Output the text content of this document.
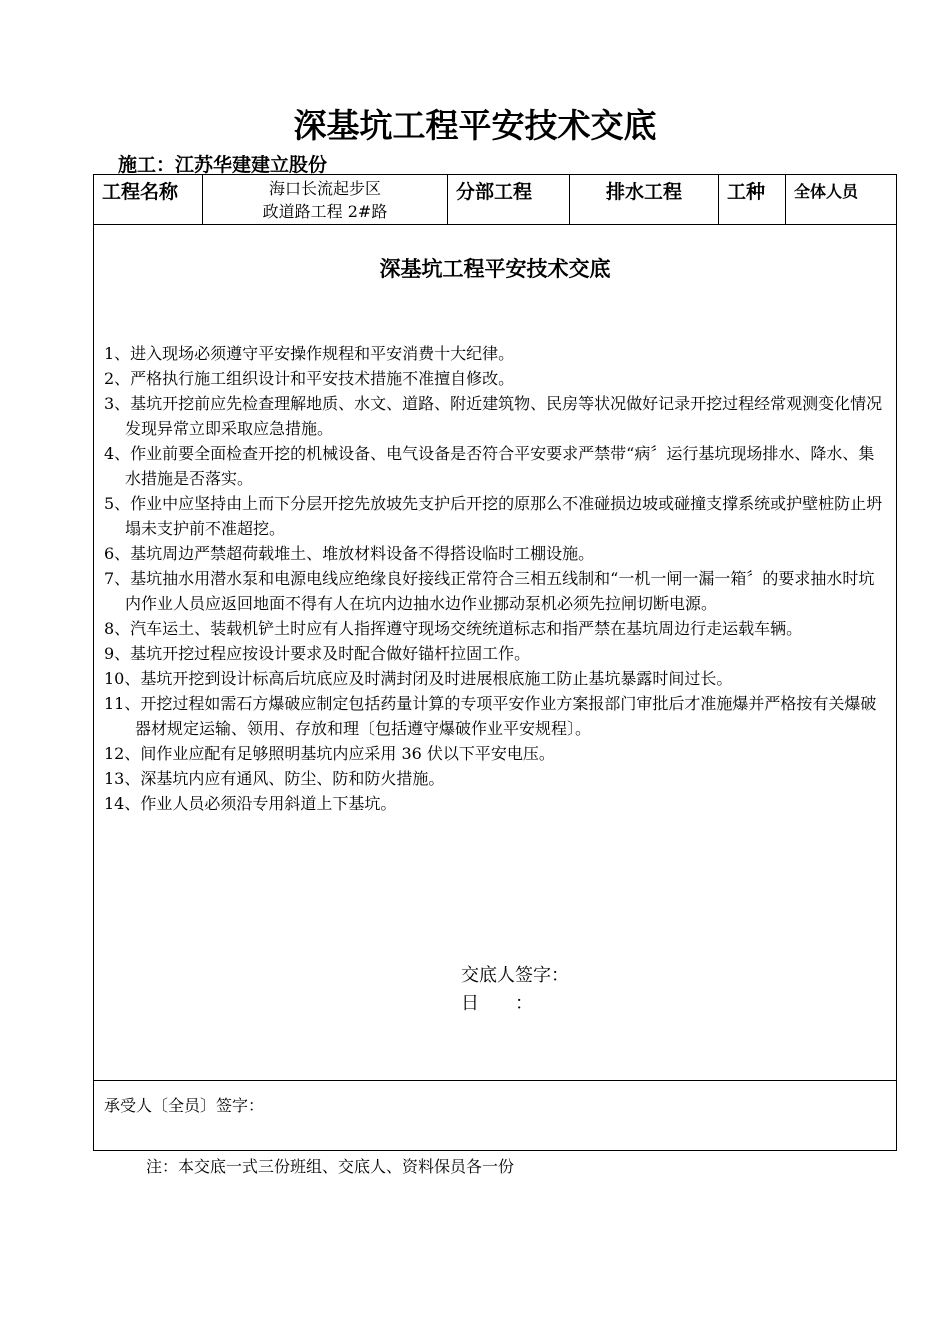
深基坑工程平安技术交底
施工：江苏华建建立股份
工程名称	海口长流起步区
政道路工程 2#路
	分部工程	排水工程	工种	全体人员

深基坑工程平安技术交底
1、进入现场必须遵守平安操作规程和平安消费十大纪律。
2、严格执行施工组织设计和平安技术措施不准擅自修改。
3、基坑开挖前应先检查理解地质、水文、道路、附近建筑物、民房等状况做好记录开挖过程经常观测变化情况发现异常立即采取应急措施。
4、作业前要全面检查开挖的机械设备、电气设备是否符合平安要求严禁带“病〞运行基坑现场排水、降水、集水措施是否落实。
5、作业中应坚持由上而下分层开挖先放坡先支护后开挖的原那么不准碰损边坡或碰撞支撑系统或护壁桩防止坍塌未支护前不准超挖。
6、基坑周边严禁超荷载堆土、堆放材料设备不得搭设临时工棚设施。
7、基坑抽水用潜水泵和电源电线应绝缘良好接线正常符合三相五线制和“一机一闸一漏一箱〞的要求抽水时坑内作业人员应返回地面不得有人在坑内边抽水边作业挪动泵机必须先拉闸切断电源。
8、汽车运土、装载机铲土时应有人指挥遵守现场交统统道标志和指严禁在基坑周边行走运载车辆。
9、基坑开挖过程应按设计要求及时配合做好锚杆拉固工作。
10、基坑开挖到设计标高后坑底应及时满封闭及时进展根底施工防止基坑暴露时间过长。
11、开挖过程如需石方爆破应制定包括药量计算的专项平安作业方案报部门审批后才准施爆并严格按有关爆破器材规定运输、领用、存放和理〔包括遵守爆破作业平安规程〕。
12、间作业应配有足够照明基坑内应采用 36 伏以下平安电压。
13、深基坑内应有通风、防尘、防和防火措施。
14、作业人员必须沿专用斜道上下基坑。
交底人签字：
日　　：

承受人〔全员〕签字：
注：本交底一式三份班组、交底人、资料保员各一份
